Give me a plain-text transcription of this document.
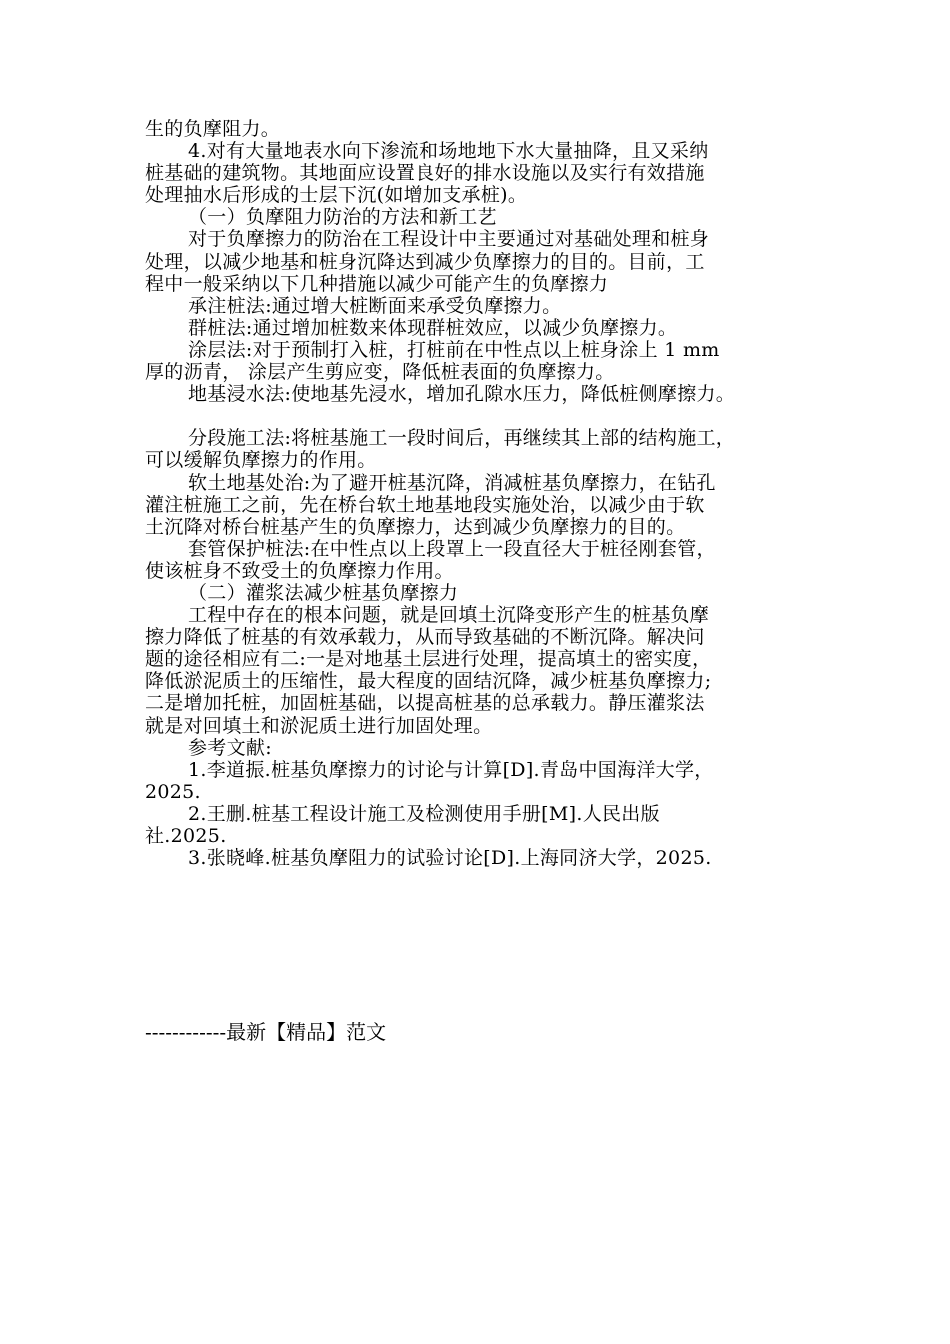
生的负摩阻力。

4.对有大量地表水向下渗流和场地地下水大量抽降，且又采纳

桩基础的建筑物。其地面应设置良好的排水设施以及实行有效措施

处理抽水后形成的士层下沉(如增加支承桩)。

（一）负摩阻力防治的方法和新工艺

对于负摩擦力的防治在工程设计中主要通过对基础处理和桩身

处理，以减少地基和桩身沉降达到减少负摩擦力的目的。目前，工

程中一般采纳以下几种措施以减少可能产生的负摩擦力

承注桩法:通过增大桩断面来承受负摩擦力。

群桩法:通过增加桩数来体现群桩效应，以减少负摩擦力。

涂层法:对于预制打入桩，打桩前在中性点以上桩身涂上 1 mm

厚的沥青， 涂层产生剪应变，降低桩表面的负摩擦力。

地基浸水法:使地基先浸水，增加孔隙水压力，降低桩侧摩擦力。

分段施工法:将桩基施工一段时间后，再继续其上部的结构施工，

可以缓解负摩擦力的作用。

软土地基处治:为了避开桩基沉降，消减桩基负摩擦力，在钻孔

灌注桩施工之前，先在桥台软土地基地段实施处治，以减少由于软

土沉降对桥台桩基产生的负摩擦力，达到减少负摩擦力的目的。

套管保护桩法:在中性点以上段罩上一段直径大于桩径刚套管，

使该桩身不致受土的负摩擦力作用。

（二）灌浆法减少桩基负摩擦力

工程中存在的根本问题，就是回填土沉降变形产生的桩基负摩

擦力降低了桩基的有效承载力，从而导致基础的不断沉降。解决问

题的途径相应有二:一是对地基土层进行处理，提高填土的密实度，

降低淤泥质土的压缩性，最大程度的固结沉降，减少桩基负摩擦力;

二是增加托桩，加固桩基础，以提高桩基的总承载力。静压灌浆法

就是对回填土和淤泥质土进行加固处理。

参考文献:

1.李道振.桩基负摩擦力的讨论与计算[D].青岛中国海洋大学，

2025.

2.王删.桩基工程设计施工及检测使用手册[M].人民出版

社.2025.

3.张晓峰.桩基负摩阻力的试验讨论[D].上海同济大学，2025.

------------最新【精品】范文
